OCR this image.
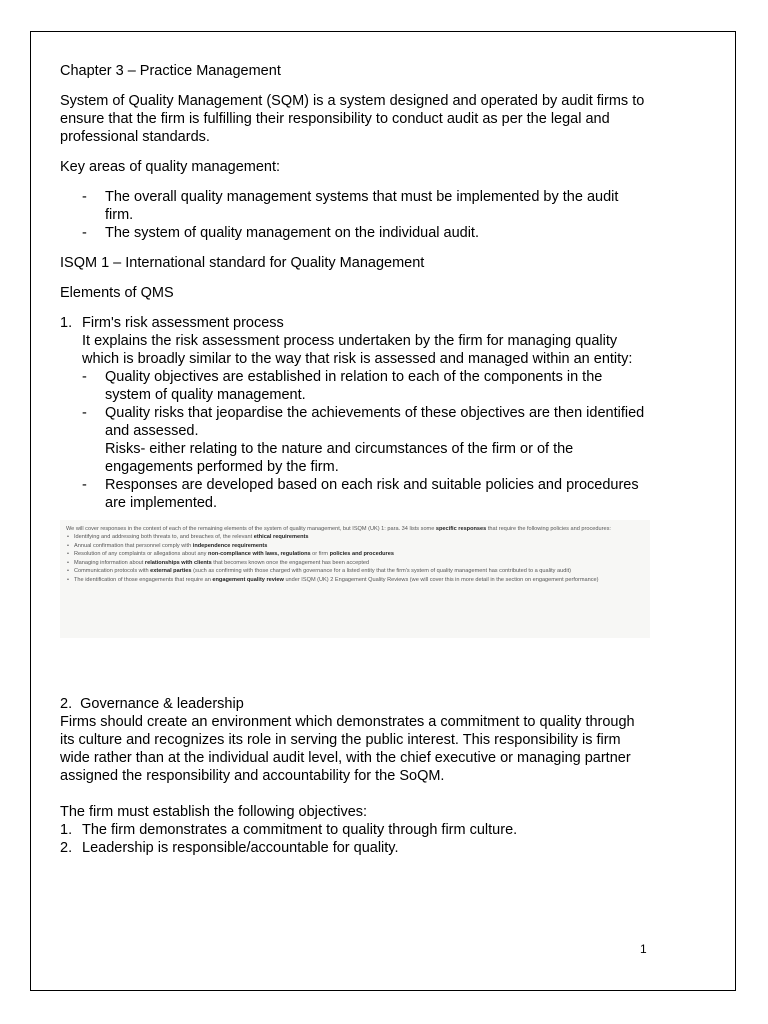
Chapter 3 – Practice Management

System of Quality Management (SQM) is a system designed and operated by audit firms to ensure that the firm is fulfilling their responsibility to conduct audit as per the legal and professional standards.

Key areas of quality management:

- The overall quality management systems that must be implemented by the audit firm.
- The system of quality management on the individual audit.

ISQM 1 – International standard for Quality Management

Elements of QMS

1. Firm's risk assessment process
It explains the risk assessment process undertaken by the firm for managing quality which is broadly similar to the way that risk is assessed and managed within an entity:
- Quality objectives are established in relation to each of the components in the system of quality management.
- Quality risks that jeopardise the achievements of these objectives are then identified and assessed.
Risks- either relating to the nature and circumstances of the firm or of the engagements performed by the firm.
- Responses are developed based on each risk and suitable policies and procedures are implemented.
We will cover responses in the context of each of the remaining elements of the system of quality management, but ISQM (UK) 1: para. 34 lists some specific responses that require the following policies and procedures:
• Identifying and addressing both threats to, and breaches of, the relevant ethical requirements
• Annual confirmation that personnel comply with independence requirements
• Resolution of any complaints or allegations about any non-compliance with laws, regulations or firm policies and procedures
• Managing information about relationships with clients that becomes known once the engagement has been accepted
• Communication protocols with external parties (such as confirming with those charged with governance for a listed entity that the firm's system of quality management has contributed to a quality audit)
• The identification of those engagements that require an engagement quality review under ISQM (UK) 2 Engagement Quality Reviews (we will cover this in more detail in the section on engagement performance)
2. Governance & leadership
Firms should create an environment which demonstrates a commitment to quality through its culture and recognizes its role in serving the public interest. This responsibility is firm wide rather than at the individual audit level, with the chief executive or managing partner assigned the responsibility and accountability for the SoQM.
The firm must establish the following objectives:
1. The firm demonstrates a commitment to quality through firm culture.
2. Leadership is responsible/accountable for quality.
1
